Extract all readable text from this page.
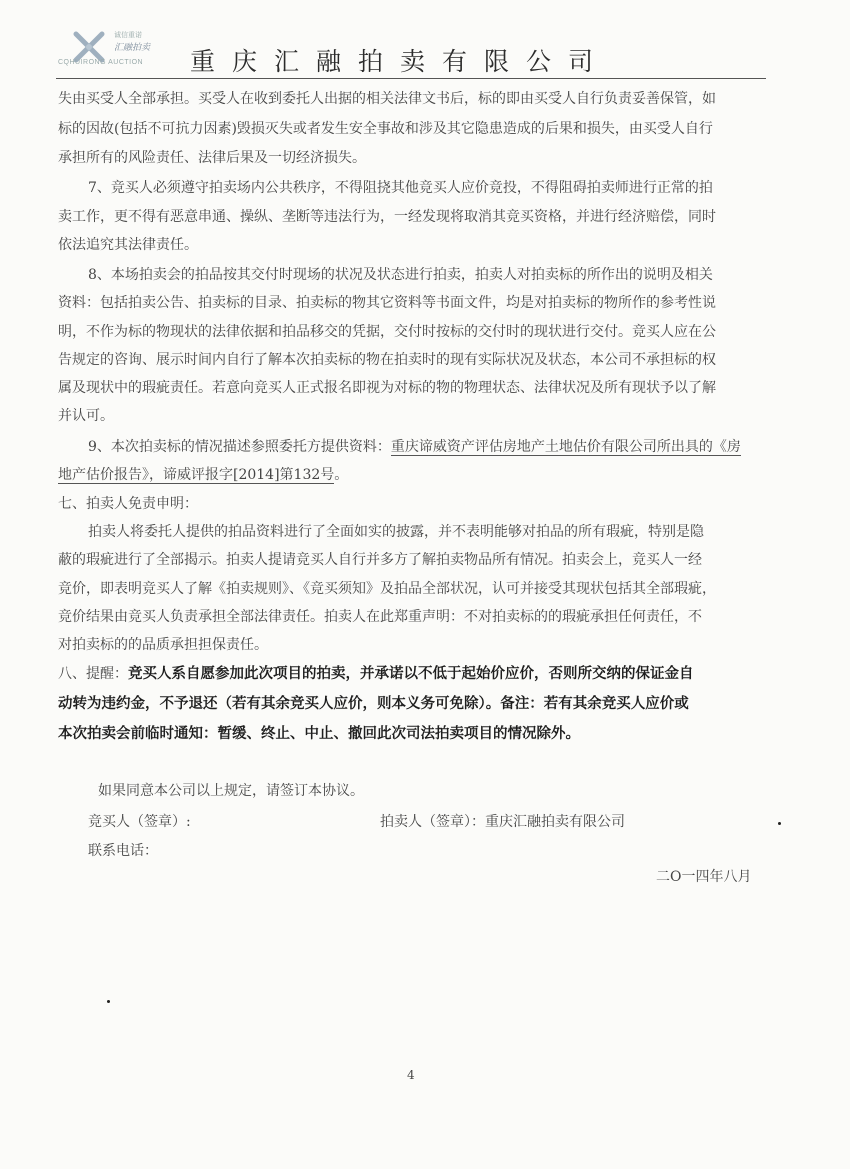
诚信重诺
汇融拍卖
CQHUIRONG AUCTION 重庆汇融拍卖有限公司
失由买受人全部承担。买受人在收到委托人出据的相关法律文书后，标的即由买受人自行负责妥善保管，如
标的因故(包括不可抗力因素)毁损灭失或者发生安全事故和涉及其它隐患造成的后果和损失，由买受人自行
承担所有的风险责任、法律后果及一切经济损失。
7、竞买人必须遵守拍卖场内公共秩序，不得阻挠其他竞买人应价竞投，不得阻碍拍卖师进行正常的拍
卖工作，更不得有恶意串通、操纵、垄断等违法行为，一经发现将取消其竞买资格，并进行经济赔偿，同时
依法追究其法律责任。
8、本场拍卖会的拍品按其交付时现场的状况及状态进行拍卖，拍卖人对拍卖标的所作出的说明及相关
资料：包括拍卖公告、拍卖标的目录、拍卖标的物其它资料等书面文件，均是对拍卖标的物所作的参考性说
明，不作为标的物现状的法律依据和拍品移交的凭据，交付时按标的交付时的现状进行交付。竞买人应在公
告规定的咨询、展示时间内自行了解本次拍卖标的物在拍卖时的现有实际状况及状态，本公司不承担标的权
属及现状中的瑕疵责任。若意向竞买人正式报名即视为对标的物的物理状态、法律状况及所有现状予以了解
并认可。
9、本次拍卖标的情况描述参照委托方提供资料：重庆谛威资产评估房地产土地估价有限公司所出具的《房
地产估价报告》，谛威评报字[2014]第132号。
七、拍卖人免责申明：
拍卖人将委托人提供的拍品资料进行了全面如实的披露，并不表明能够对拍品的所有瑕疵，特别是隐
蔽的瑕疵进行了全部揭示。拍卖人提请竞买人自行并多方了解拍卖物品所有情况。拍卖会上，竞买人一经
竞价，即表明竞买人了解《拍卖规则》、《竞买须知》及拍品全部状况，认可并接受其现状包括其全部瑕疵，
竞价结果由竞买人负责承担全部法律责任。拍卖人在此郑重声明：不对拍卖标的的瑕疵承担任何责任，不
对拍卖标的的品质承担担保责任。
八、提醒：竞买人系自愿参加此次项目的拍卖，并承诺以不低于起始价应价，否则所交纳的保证金自
动转为违约金，不予退还（若有其余竞买人应价，则本义务可免除）。备注：若有其余竞买人应价或
本次拍卖会前临时通知：暂缓、终止、中止、撤回此次司法拍卖项目的情况除外。
如果同意本公司以上规定，请签订本协议。
竞买人（签章）:	拍卖人（签章）：重庆汇融拍卖有限公司
联系电话：
二O一四年八月
4
